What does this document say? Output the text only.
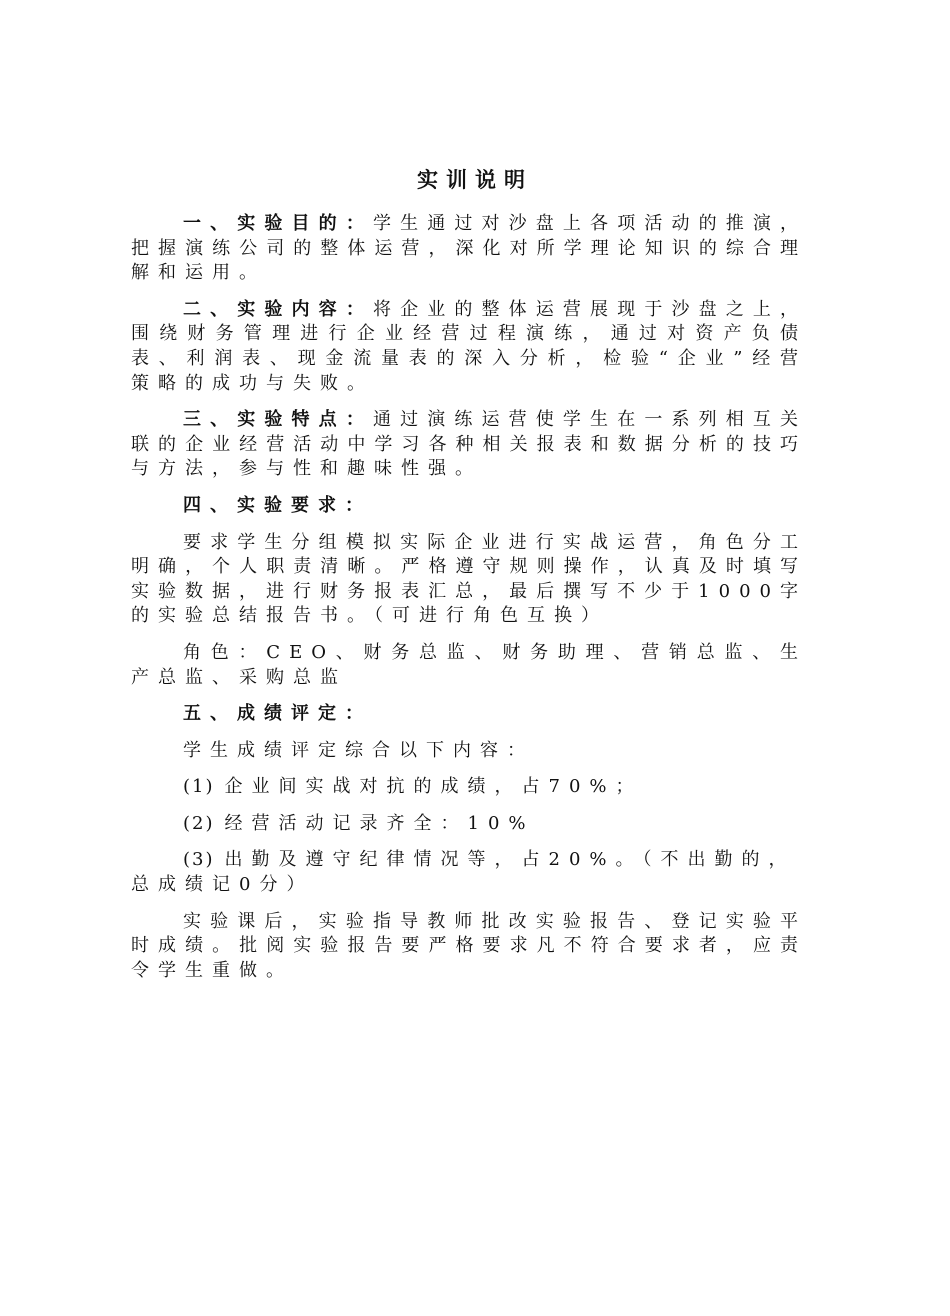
实训说明

一、实验目的：学生通过对沙盘上各项活动的推演，把握演练公司的整体运营，深化对所学理论知识的综合理解和运用。

二、实验内容：将企业的整体运营展现于沙盘之上，围绕财务管理进行企业经营过程演练，通过对资产负债表、利润表、现金流量表的深入分析，检验“企业”经营策略的成功与失败。

三、实验特点：通过演练运营使学生在一系列相互关联的企业经营活动中学习各种相关报表和数据分析的技巧与方法，参与性和趣味性强。

四、实验要求：

要求学生分组模拟实际企业进行实战运营，角色分工明确，个人职责清晰。严格遵守规则操作，认真及时填写实验数据，进行财务报表汇总，最后撰写不少于1000字的实验总结报告书。（可进行角色互换）

角色：CEO、财务总监、财务助理、营销总监、生产总监、采购总监

五、成绩评定：

学生成绩评定综合以下内容：

(1) 企业间实战对抗的成绩，占70%；

(2) 经营活动记录齐全：10%

(3) 出勤及遵守纪律情况等，占20%。（不出勤的，总成绩记0分）

实验课后，实验指导教师批改实验报告、登记实验平时成绩。批阅实验报告要严格要求凡不符合要求者，应责令学生重做。
